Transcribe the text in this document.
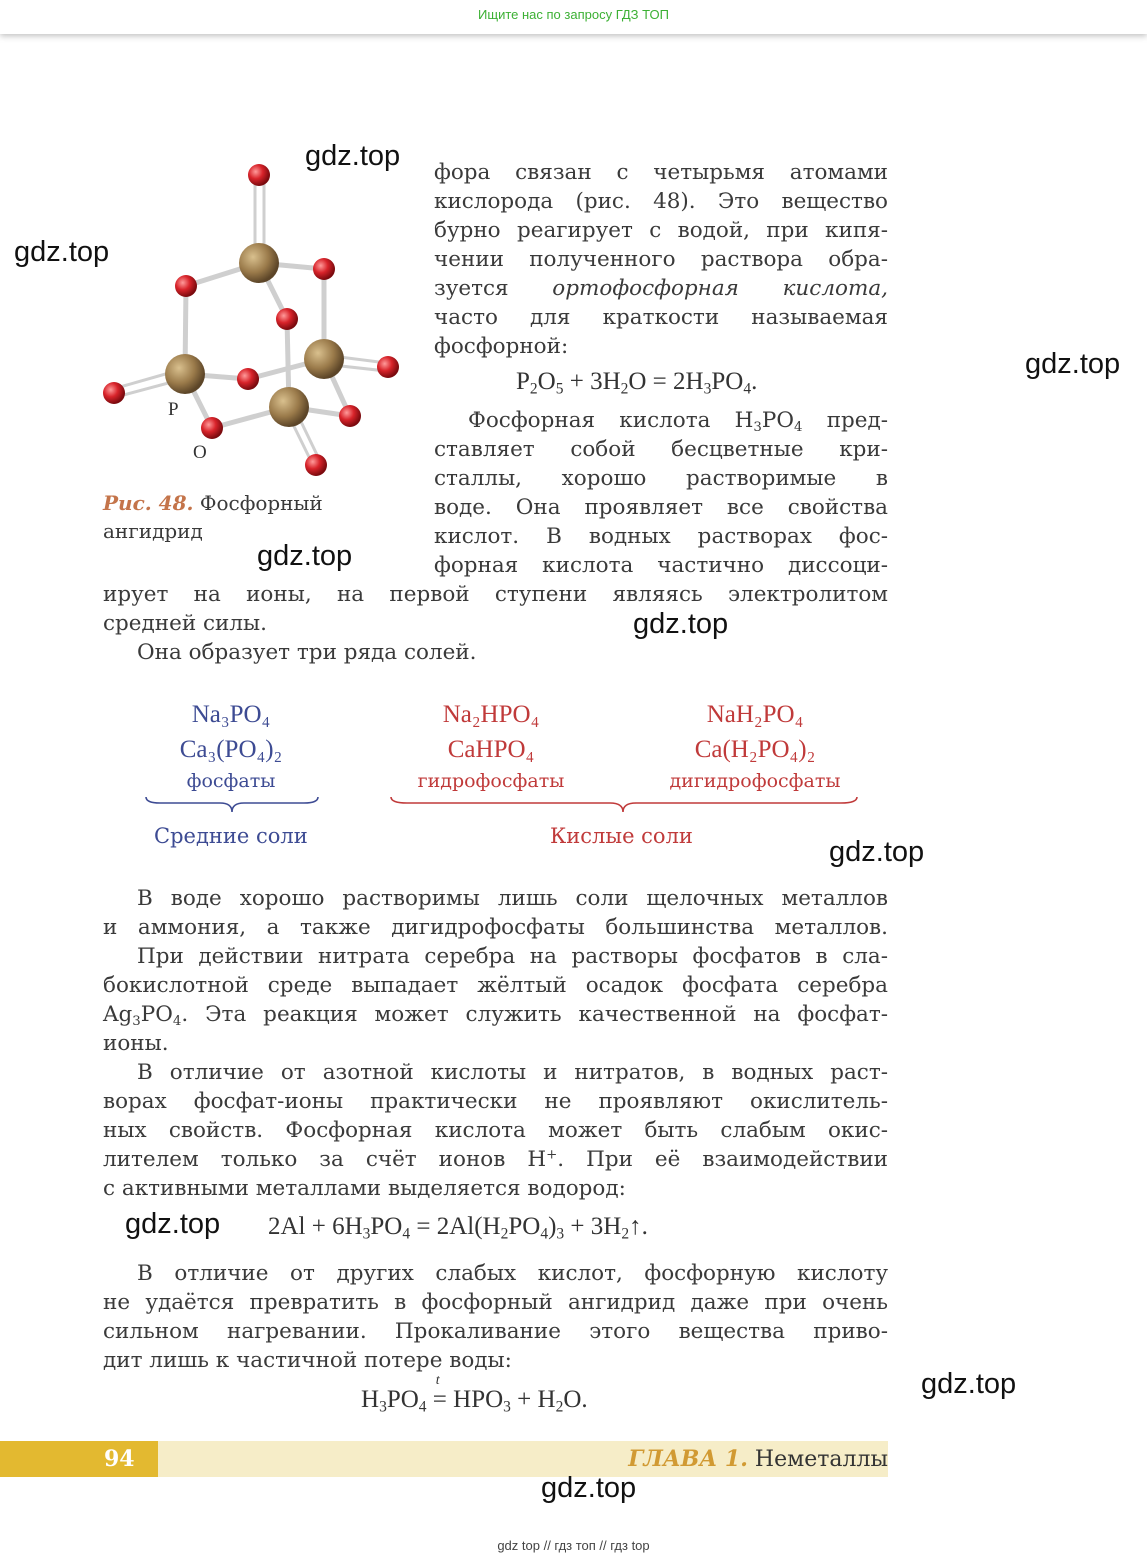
Ищите нас по запросу ГДЗ ТОП
P
O
Рис. 48. Фосфорный
ангидрид
фора связан с четырьмя атомами
кислорода (рис. 48). Это вещество
бурно реагирует с водой, при кипя-
чении полученного раствора обра-
зуется ортофосфорная кислота,
часто для краткости называемая
фосфорной:
$P_2O_5 + 3H_2O = 2H_3PO_4$.
Фосфорная кислота $H_3PO_4$ пред-
ставляет собой бесцветные кри-
сталлы, хорошо растворимые в
воде. Она проявляет все свойства
кислот. В водных растворах фос-
форная кислота частично диссоци-
ирует на ионы, на первой ступени являясь электролитом
средней силы.
Она образует три ряда солей.
Na₃PO₄
Ca₃(PO₄)₂
фосфаты
Na₂HPO₄
CaHPO₄
гидрофосфаты
NaH₂PO₄
Ca(H₂PO₄)₂
дигидрофосфаты
Средние соли	Кислые соли
В воде хорошо растворимы лишь соли щелочных металлов
и аммония, а также дигидрофосфаты большинства металлов.
При действии нитрата серебра на растворы фосфатов в сла-
бокислотной среде выпадает жёлтый осадок фосфата серебра
$Ag_3PO_4$. Эта реакция может служить качественной на фосфат-
ионы.
В отличие от азотной кислоты и нитратов, в водных раст-
ворах фосфат-ионы практически не проявляют окислитель-
ных свойств. Фосфорная кислота может быть слабым окис-
лителем только за счёт ионов H+. При её взаимодействии
с активными металлами выделяется водород:
$2Al + 6H_3PO_4 = 2Al(H_2PO_4)_3$ + $3H_2↑$.
В отличие от других слабых кислот, фосфорную кислоту
не удаётся превратить в фосфорный ангидрид даже при очень
сильном нагревании. Прокаливание этого вещества приво-
дит лишь к частичной потере воды:
$H_3PO_4$ =
t
$HPO_3 + H_2O$.
94	ГЛАВА 1. Неметаллы
gdz top // гдз топ // гдз top
gdz.top
gdz.top
gdz.top
gdz.top
gdz.top
gdz.top
gdz.top
gdz.top
gdz.top
